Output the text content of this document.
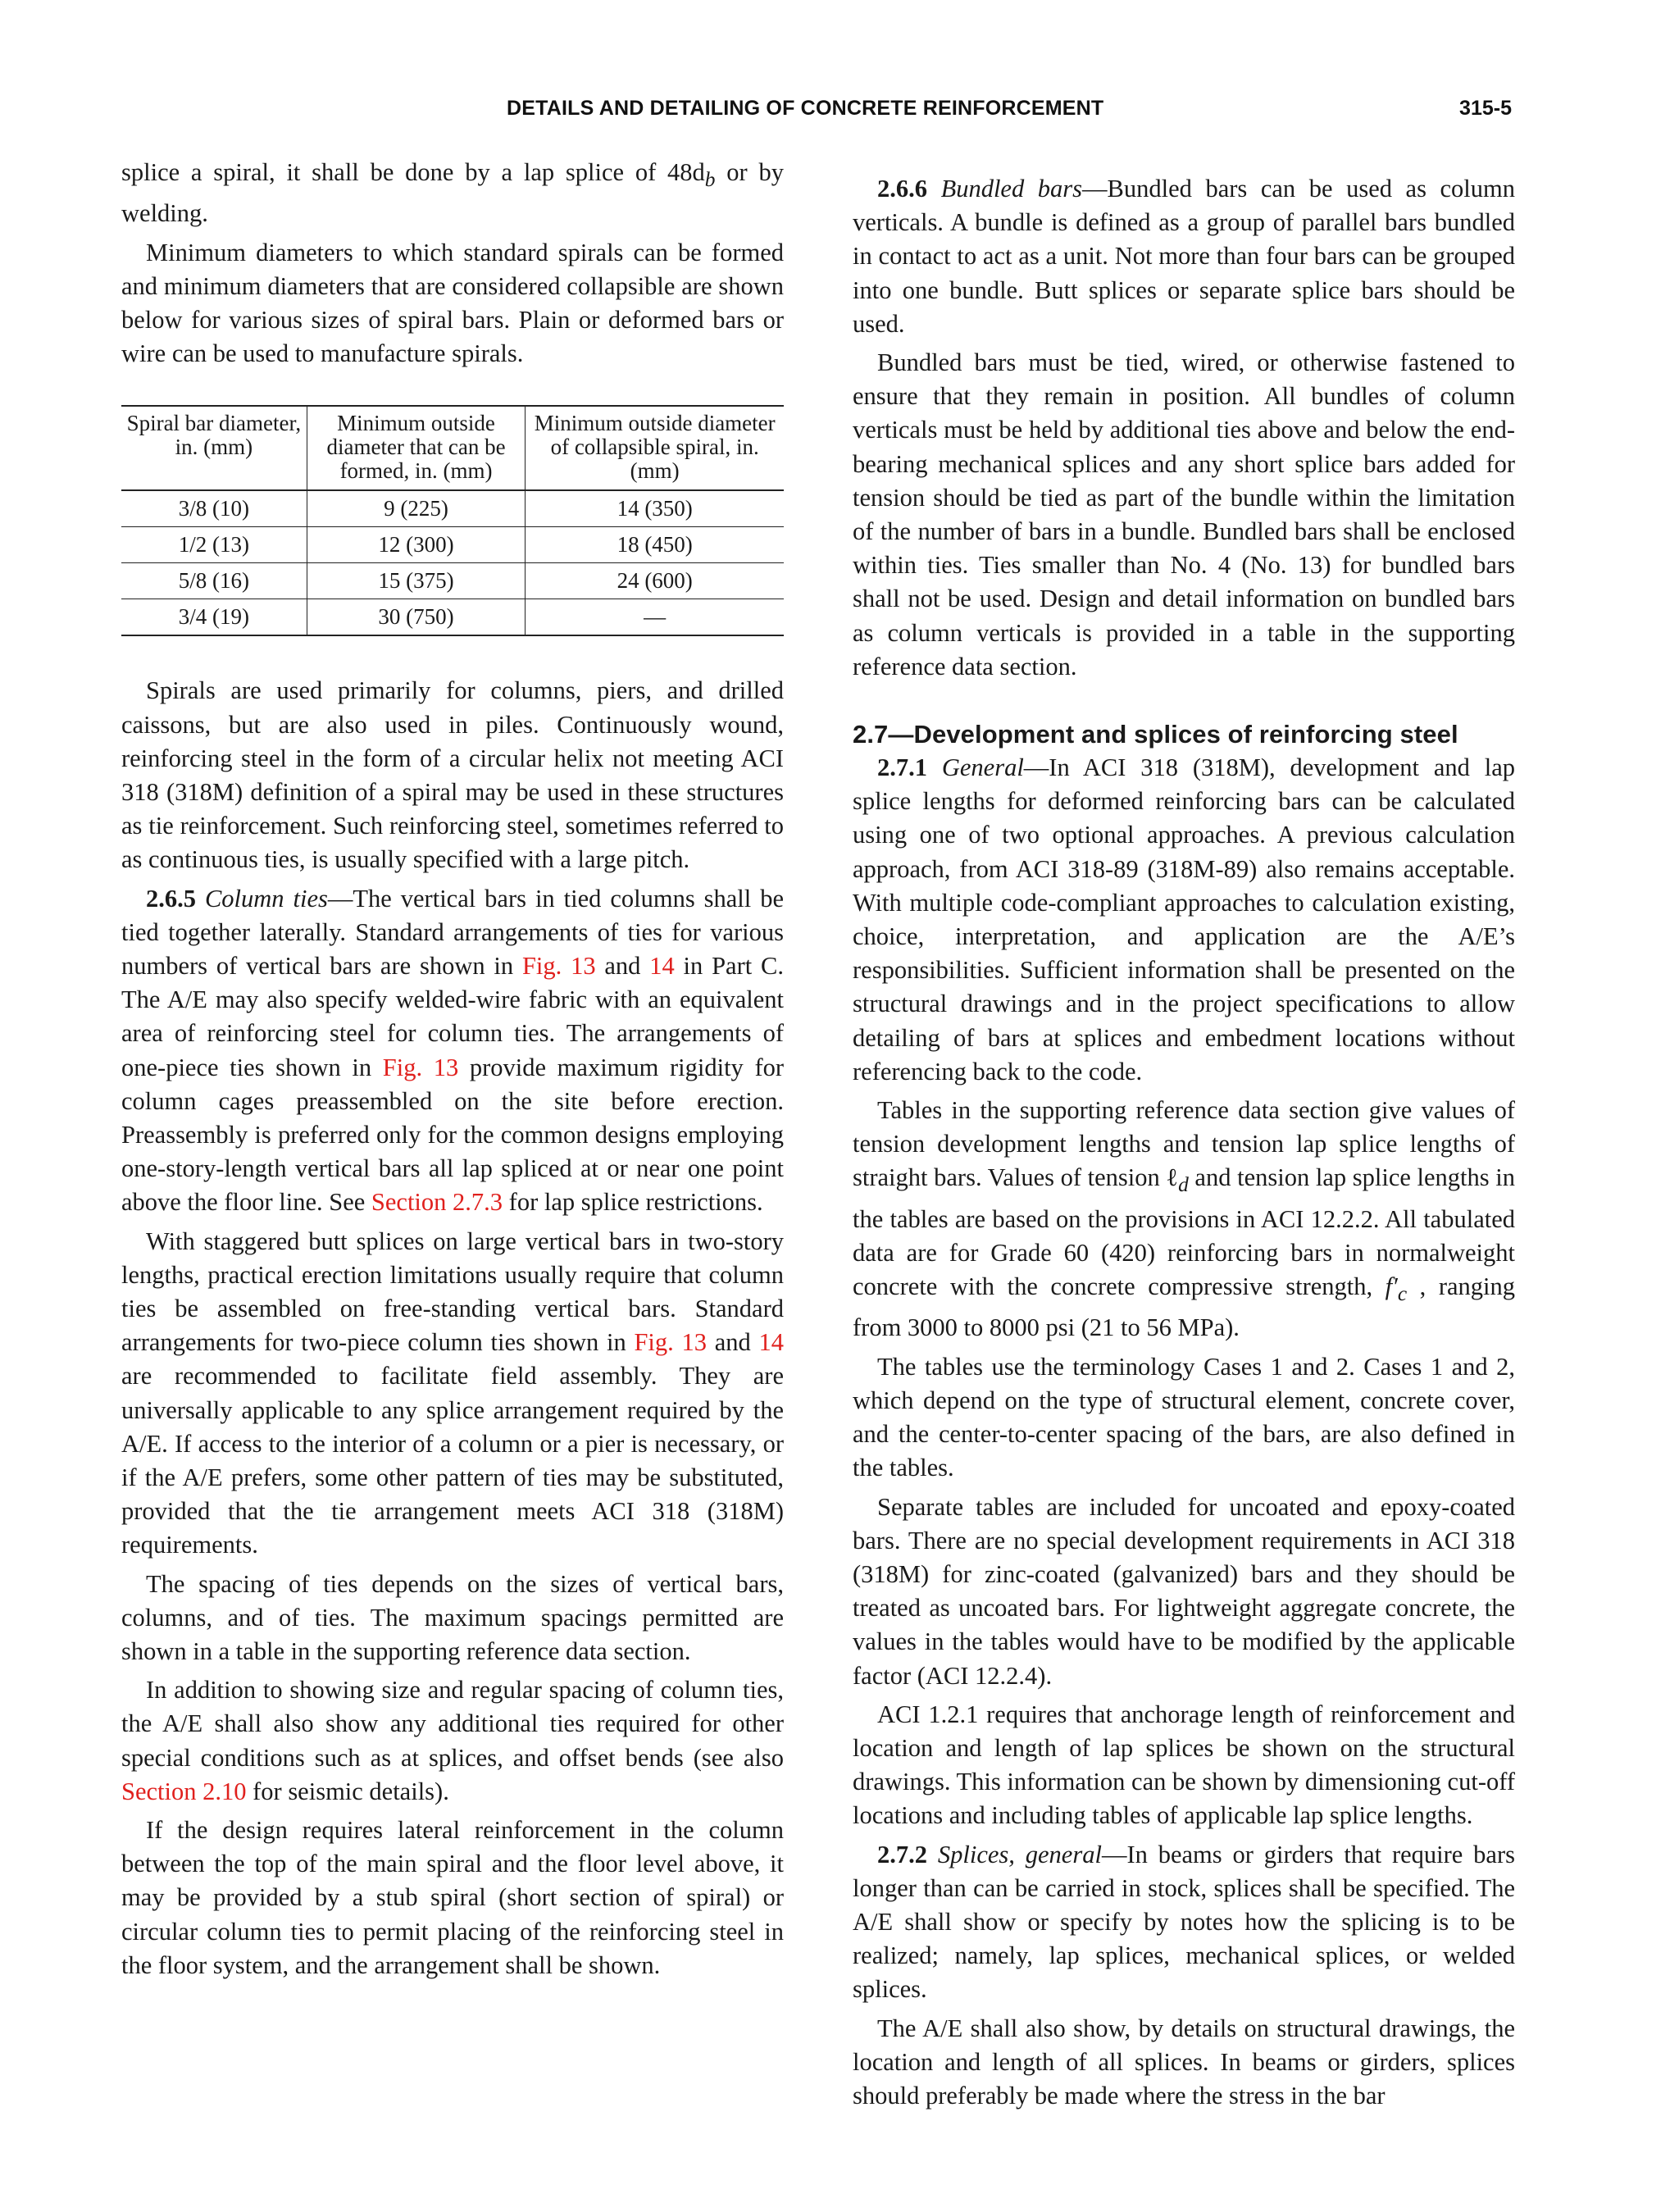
DETAILS AND DETAILING OF CONCRETE REINFORCEMENT	315-5

splice a spiral, it shall be done by a lap splice of $48d_b$ or by welding.

Minimum diameters to which standard spirals can be formed and minimum diameters that are considered collapsible are shown below for various sizes of spiral bars. Plain or deformed bars or wire can be used to manufacture spirals.

Spiral bar diameter, in. (mm)	Minimum outside diameter that can be formed, in. (mm)	Minimum outside diameter of collapsible spiral, in. (mm)
3/8 (10)	9 (225)	14 (350)
1/2 (13)	12 (300)	18 (450)
5/8 (16)	15 (375)	24 (600)
3/4 (19)	30 (750)	—

Spirals are used primarily for columns, piers, and drilled caissons, but are also used in piles. Continuously wound, reinforcing steel in the form of a circular helix not meeting ACI 318 (318M) definition of a spiral may be used in these structures as tie reinforcement. Such reinforcing steel, sometimes referred to as continuous ties, is usually specified with a large pitch.

2.6.5 Column ties—The vertical bars in tied columns shall be tied together laterally. Standard arrangements of ties for various numbers of vertical bars are shown in Fig. 13 and 14 in Part C. The A/E may also specify welded-wire fabric with an equivalent area of reinforcing steel for column ties. The arrangements of one-piece ties shown in Fig. 13 provide maximum rigidity for column cages preassembled on the site before erection. Preassembly is preferred only for the common designs employing one-story-length vertical bars all lap spliced at or near one point above the floor line. See Section 2.7.3 for lap splice restrictions.

With staggered butt splices on large vertical bars in two-story lengths, practical erection limitations usually require that column ties be assembled on free-standing vertical bars. Standard arrangements for two-piece column ties shown in Fig. 13 and 14 are recommended to facilitate field assembly. They are universally applicable to any splice arrangement required by the A/E. If access to the interior of a column or a pier is necessary, or if the A/E prefers, some other pattern of ties may be substituted, provided that the tie arrangement meets ACI 318 (318M) requirements.

The spacing of ties depends on the sizes of vertical bars, columns, and of ties. The maximum spacings permitted are shown in a table in the supporting reference data section.

In addition to showing size and regular spacing of column ties, the A/E shall also show any additional ties required for other special conditions such as at splices, and offset bends (see also Section 2.10 for seismic details).

If the design requires lateral reinforcement in the column between the top of the main spiral and the floor level above, it may be provided by a stub spiral (short section of spiral) or circular column ties to permit placing of the reinforcing steel in the floor system, and the arrangement shall be shown.

2.6.6 Bundled bars—Bundled bars can be used as column verticals. A bundle is defined as a group of parallel bars bundled in contact to act as a unit. Not more than four bars can be grouped into one bundle. Butt splices or separate splice bars should be used.

Bundled bars must be tied, wired, or otherwise fastened to ensure that they remain in position. All bundles of column verticals must be held by additional ties above and below the end-bearing mechanical splices and any short splice bars added for tension should be tied as part of the bundle within the limitation of the number of bars in a bundle. Bundled bars shall be enclosed within ties. Ties smaller than No. 4 (No. 13) for bundled bars shall not be used. Design and detail information on bundled bars as column verticals is provided in a table in the supporting reference data section.

2.7—Development and splices of reinforcing steel

2.7.1 General—In ACI 318 (318M), development and lap splice lengths for deformed reinforcing bars can be calculated using one of two optional approaches. A previous calculation approach, from ACI 318-89 (318M-89) also remains acceptable. With multiple code-compliant approaches to calculation existing, choice, interpretation, and application are the A/E’s responsibilities. Sufficient information shall be presented on the structural drawings and in the project specifications to allow detailing of bars at splices and embedment locations without referencing back to the code.

Tables in the supporting reference data section give values of tension development lengths and tension lap splice lengths of straight bars. Values of tension ℓ$_d$ and tension lap splice lengths in the tables are based on the provisions in ACI 12.2.2. All tabulated data are for Grade 60 (420) reinforcing bars in normalweight concrete with the concrete compressive strength, $f'_c$ , ranging from 3000 to 8000 psi (21 to 56 MPa).

The tables use the terminology Cases 1 and 2. Cases 1 and 2, which depend on the type of structural element, concrete cover, and the center-to-center spacing of the bars, are also defined in the tables.

Separate tables are included for uncoated and epoxy-coated bars. There are no special development requirements in ACI 318 (318M) for zinc-coated (galvanized) bars and they should be treated as uncoated bars. For lightweight aggregate concrete, the values in the tables would have to be modified by the applicable factor (ACI 12.2.4).

ACI 1.2.1 requires that anchorage length of reinforcement and location and length of lap splices be shown on the structural drawings. This information can be shown by dimensioning cut-off locations and including tables of applicable lap splice lengths.

2.7.2 Splices, general—In beams or girders that require bars longer than can be carried in stock, splices shall be specified. The A/E shall show or specify by notes how the splicing is to be realized; namely, lap splices, mechanical splices, or welded splices.

The A/E shall also show, by details on structural drawings, the location and length of all splices. In beams or girders, splices should preferably be made where the stress in the bar
